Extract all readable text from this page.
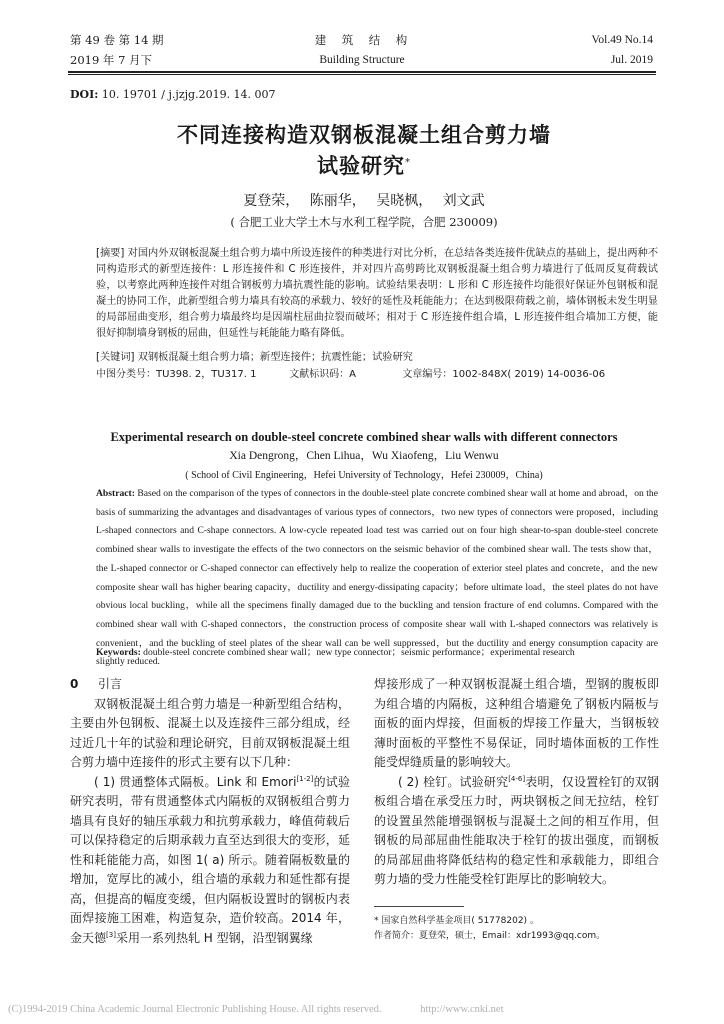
第 49 卷 第 14 期
2019 年 7 月下
建　筑　结　构
Building Structure
Vol.49 No.14
Jul. 2019
DOI: 10. 19701 / j.jzjg.2019. 14. 007
不同连接构造双钢板混凝土组合剪力墙
试验研究*
夏登荣， 陈丽华， 吴晓枫， 刘文武
( 合肥工业大学土木与水利工程学院，合肥 230009)
[摘要] 对国内外双钢板混凝土组合剪力墙中所设连接件的种类进行对比分析，在总结各类连接件优缺点的基础上，提出两种不同构造形式的新型连接件：L 形连接件和 C 形连接件，并对四片高剪跨比双钢板混凝土组合剪力墙进行了低周反复荷载试验，以考察此两种连接件对组合钢板剪力墙抗震性能的影响。试验结果表明：L 形和 C 形连接件均能很好保证外包钢板和混凝土的协同工作，此新型组合剪力墙具有较高的承载力、较好的延性及耗能能力；在达到极限荷载之前，墙体钢板未发生明显的局部屈曲变形，组合剪力墙最终均是因端柱屈曲拉裂而破坏；相对于 C 形连接件组合墙，L 形连接件组合墙加工方便，能很好抑制墙身钢板的屈曲，但延性与耗能能力略有降低。
[关键词] 双钢板混凝土组合剪力墙；新型连接件；抗震性能；试验研究
中图分类号：TU398. 2，TU317. 1	文献标识码：A	文章编号：1002-848X( 2019) 14-0036-06
Experimental research on double-steel concrete combined shear walls with different connectors
Xia Dengrong，Chen Lihua，Wu Xiaofeng，Liu Wenwu
( School of Civil Engineering，Hefei University of Technology，Hefei 230009，China)
Abstract: Based on the comparison of the types of connectors in the double-steel plate concrete combined shear wall at home and abroad，on the basis of summarizing the advantages and disadvantages of various types of connectors，two new types of connectors were proposed，including L-shaped connectors and C-shape connectors. A low-cycle repeated load test was carried out on four high shear-to-span double-steel concrete combined shear walls to investigate the effects of the two connectors on the seismic behavior of the combined shear wall. The tests show that，the L-shaped connector or C-shaped connector can effectively help to realize the cooperation of exterior steel plates and concrete，and the new composite shear wall has higher bearing capacity，ductility and energy-dissipating capacity；before ultimate load，the steel plates do not have obvious local buckling，while all the specimens finally damaged due to the buckling and tension fracture of end columns. Compared with the combined shear wall with C-shaped connectors，the construction process of composite shear wall with L-shaped connectors was relatively is convenient，and the buckling of steel plates of the shear wall can be well suppressed，but the ductility and energy consumption capacity are slightly reduced.
Keywords: double-steel concrete combined shear wall；new type connector；seismic performance；experimental research

0 引言

双钢板混凝土组合剪力墙是一种新型组合结构，主要由外包钢板、混凝土以及连接件三部分组成，经过近几十年的试验和理论研究，目前双钢板混凝土组合剪力墙中连接件的形式主要有以下几种：

( 1) 贯通整体式隔板。Link 和 Emori[1-2]的试验研究表明，带有贯通整体式内隔板的双钢板组合剪力墙具有良好的轴压承载力和抗剪承载力，峰值荷载后可以保持稳定的后期承载力直至达到很大的变形，延性和耗能能力高，如图 1( a) 所示。随着隔板数量的增加，宽厚比的减小，组合墙的承载力和延性都有提高，但提高的幅度变缓，但内隔板设置时的钢板内表面焊接施工困难，构造复杂，造价较高。2014 年，金天德[3]采用一系列热轧 H 型钢，沿型钢翼缘

焊接形成了一种双钢板混凝土组合墙，型钢的腹板即为组合墙的内隔板，这种组合墙避免了钢板内隔板与面板的面内焊接，但面板的焊接工作量大，当钢板较薄时面板的平整性不易保证，同时墙体面板的工作性能受焊缝质量的影响较大。

( 2) 栓钉。试验研究[4-6]表明，仅设置栓钉的双钢板组合墙在承受压力时，两块钢板之间无拉结，栓钉的设置虽然能增强钢板与混凝土之间的相互作用，但钢板的局部屈曲性能取决于栓钉的拔出强度，而钢板的局部屈曲将降低结构的稳定性和承载能力，即组合剪力墙的受力性能受栓钉距厚比的影响较大。

* 国家自然科学基金项目( 51778202) 。
作者简介：夏登荣，硕士，Email：xdr1993@qq.com。
(C)1994-2019 China Academic Journal Electronic Publishing House. All rights reserved.	http://www.cnki.net
